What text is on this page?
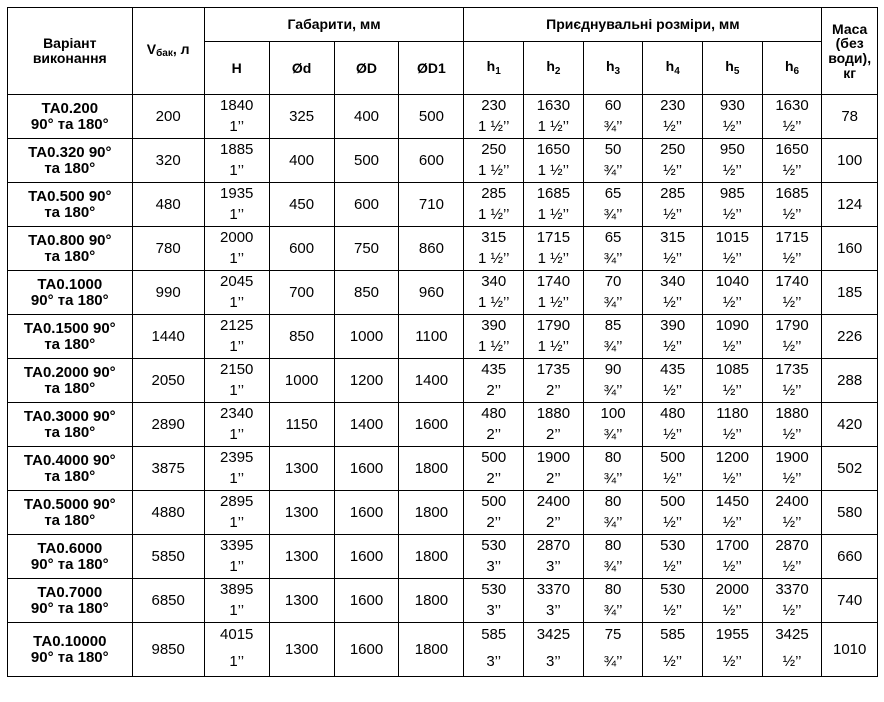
Варіант
виконання	Vбак, л	Габарити, мм				Приєднувальні розміри, мм						Маса
(без
води),
кг
		H	Ød	ØD	ØD1	$h_1$	$h_2$	$h_3$	$h_4$	$h_5$	$h_6$
ТА0.200
90° та 180°	200	1840	325	400	500	230	1630	60	230	930	1630	78
		1’’				1 ½’’	1 ½’’	¾’’	½’’	½’’	½’’	
ТА0.320 90°
та 180°	320	1885	400	500	600	250	1650	50	250	950	1650	100
		1’’				1 ½’’	1 ½’’	¾’’	½’’	½’’	½’’	
ТА0.500 90°
та 180°	480	1935	450	600	710	285	1685	65	285	985	1685	124
		1’’				1 ½’’	1 ½’’	¾’’	½’’	½’’	½’’	
ТА0.800 90°
та 180°	780	2000	600	750	860	315	1715	65	315	1015	1715	160
		1’’				1 ½’’	1 ½’’	¾’’	½’’	½’’	½’’	
ТА0.1000
90° та 180°	990	2045	700	850	960	340	1740	70	340	1040	1740	185
		1’’				1 ½’’	1 ½’’	¾’’	½’’	½’’	½’’	
ТА0.1500 90°
та 180°	1440	2125	850	1000	1100	390	1790	85	390	1090	1790	226
		1’’				1 ½’’	1 ½’’	¾’’	½’’	½’’	½’’	
ТА0.2000 90°
та 180°	2050	2150	1000	1200	1400	435	1735	90	435	1085	1735	288
		1’’				2’’	2’’	¾’’	½’’	½’’	½’’	
ТА0.3000 90°
та 180°	2890	2340	1150	1400	1600	480	1880	100	480	1180	1880	420
		1’’				2’’	2’’	¾’’	½’’	½’’	½’’	
ТА0.4000 90°
та 180°	3875	2395	1300	1600	1800	500	1900	80	500	1200	1900	502
		1’’				2’’	2’’	¾’’	½’’	½’’	½’’	
ТА0.5000 90°
та 180°	4880	2895	1300	1600	1800	500	2400	80	500	1450	2400	580
		1’’				2’’	2’’	¾’’	½’’	½’’	½’’	
ТА0.6000
90° та 180°	5850	3395	1300	1600	1800	530	2870	80	530	1700	2870	660
		1’’				3’’	3’’	¾’’	½’’	½’’	½’’	
ТА0.7000
90° та 180°	6850	3895	1300	1600	1800	530	3370	80	530	2000	3370	740
		1’’				3’’	3’’	¾’’	½’’	½’’	½’’	
ТА0.10000
90° та 180°	9850	4015	1300	1600	1800	585	3425	75	585	1955	3425	1010
		1’’				3’’	3’’	¾’’	½’’	½’’	½’’	
